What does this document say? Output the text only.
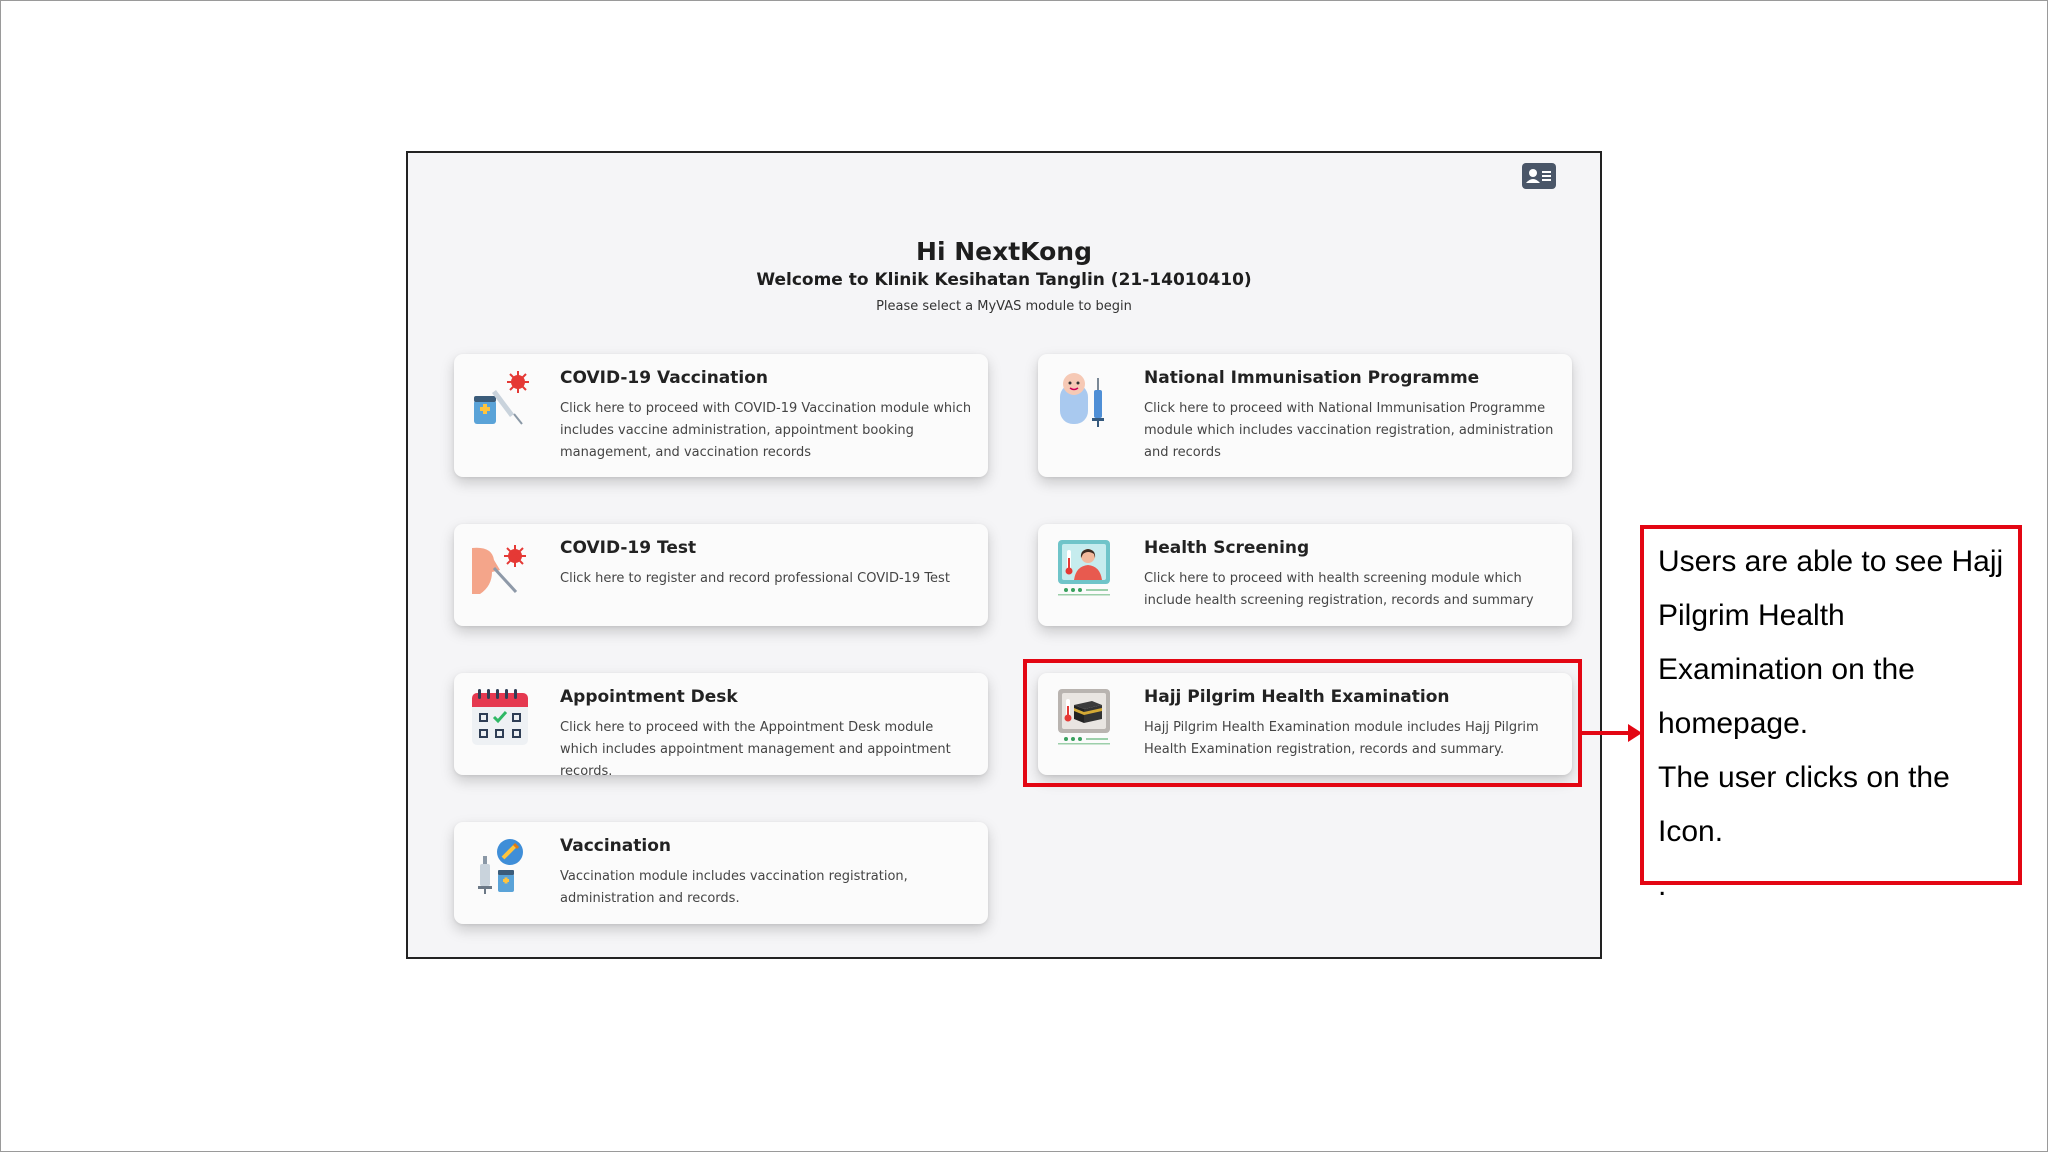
Hi NextKong
Welcome to Klinik Kesihatan Tanglin (21-14010410)
Please select a MyVAS module to begin
COVID-19 Vaccination
Click here to proceed with COVID-19 Vaccination module which includes vaccine administration, appointment booking management, and vaccination records
National Immunisation Programme
Click here to proceed with National Immunisation Programme module which includes vaccination registration, administration and records
COVID-19 Test
Click here to register and record professional COVID-19 Test
Health Screening
Click here to proceed with health screening module which include health screening registration, records and summary
Appointment Desk
Click here to proceed with the Appointment Desk module which includes appointment management and appointment records.
Hajj Pilgrim Health Examination
Hajj Pilgrim Health Examination module includes Hajj Pilgrim Health Examination registration, records and summary.
Vaccination
Vaccination module includes vaccination registration, administration and records.

Users are able to see Hajj

Pilgrim Health

Examination on the

homepage.

The user clicks on the

Icon.

.
